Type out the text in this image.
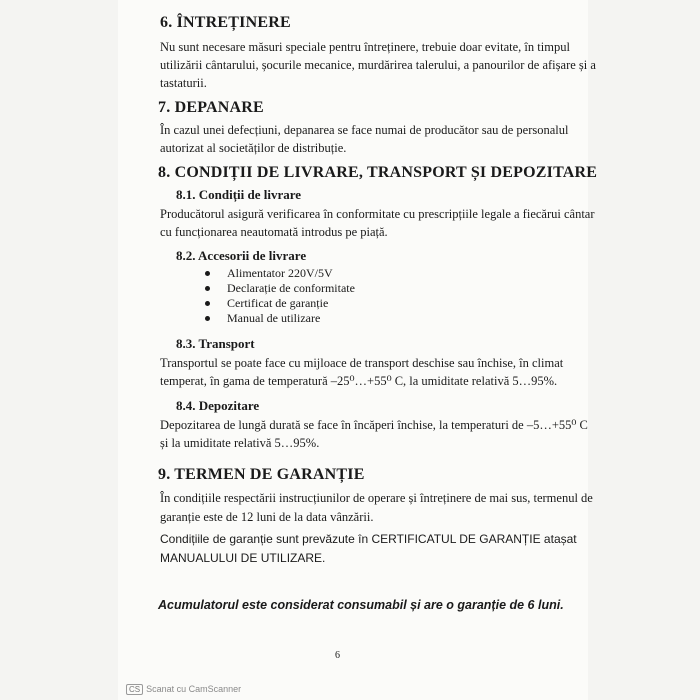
6. ÎNTREȚINERE
Nu sunt necesare măsuri speciale pentru întreținere, trebuie doar evitate, în timpul
utilizării cântarului, șocurile mecanice, murdărirea talerului, a panourilor de afișare și a
tastaturii.
7. DEPANARE
În cazul unei defecțiuni, depanarea se face numai de producător sau de personalul
autorizat al societăților de distribuție.
8. CONDIȚII DE LIVRARE, TRANSPORT ȘI DEPOZITARE
8.1. Condiții de livrare
Producătorul asigură verificarea în conformitate cu prescripțiile legale a fiecărui cântar
cu funcționarea neautomată introdus pe piață.
8.2. Accesorii de livrare
Alimentator 220V/5V
Declarație de conformitate
Certificat de garanție
Manual de utilizare
8.3. Transport
Transportul se poate face cu mijloace de transport deschise sau închise, în climat
temperat, în gama de temperatură –25⁰…+55⁰ C, la umiditate relativă 5…95%.
8.4. Depozitare
Depozitarea de lungă durată se face în încăperi închise, la temperaturi de –5…+55⁰ C
și la umiditate relativă 5…95%.
9. TERMEN DE GARANȚIE
În condițiile respectării instrucțiunilor de operare și întreținere de mai sus, termenul de
garanție este de 12 luni de la data vânzării.
Condițiile de garanție sunt prevăzute în CERTIFICATUL DE GARANȚIE atașat
MANUALULUI DE UTILIZARE.
Acumulatorul este considerat consumabil și are o garanție de 6 luni.
6
CS Scanat cu CamScanner
